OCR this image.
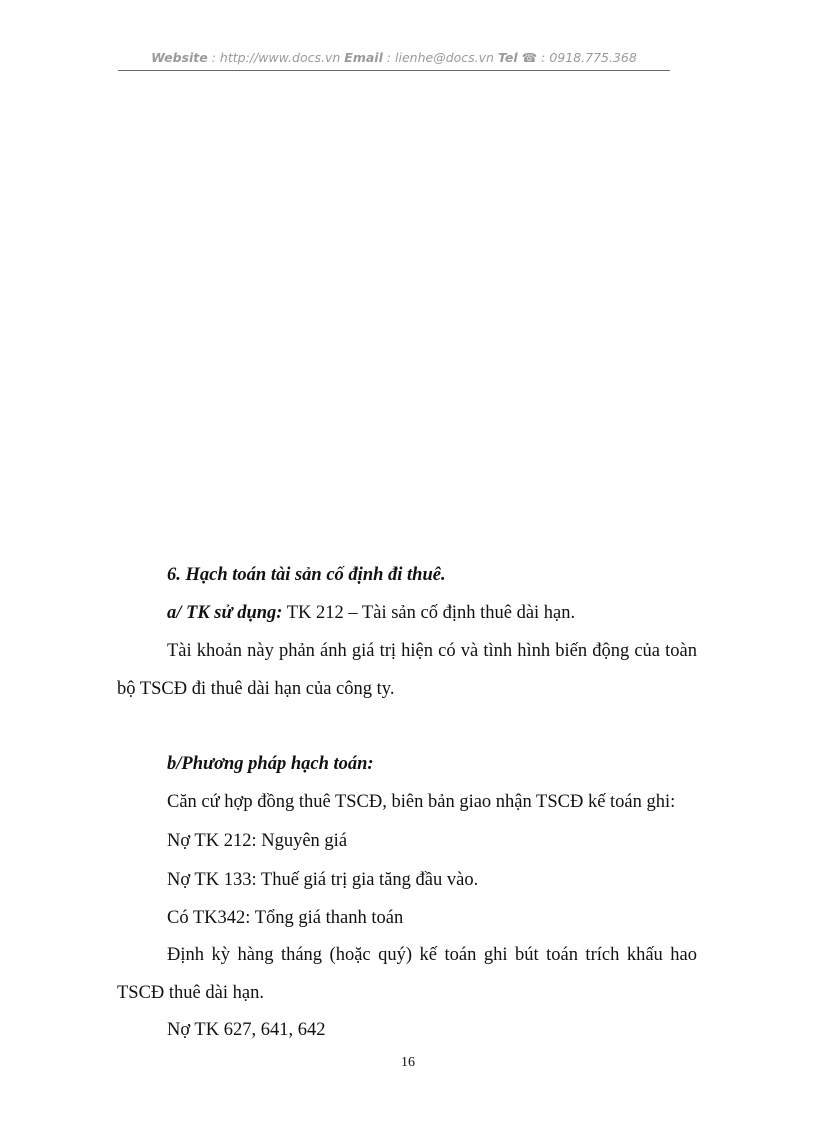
Website : http://www.docs.vn Email : lienhe@docs.vn Tel ☎ : 0918.775.368
6. Hạch toán tài sản cố định đi thuê.
a/ TK sử dụng: TK 212 – Tài sản cố định thuê dài hạn.
Tài khoản này phản ánh giá trị hiện có và tình hình biến động của toàn
bộ TSCĐ đi thuê dài hạn của công ty.
b/Phương pháp hạch toán:
Căn cứ hợp đồng thuê TSCĐ, biên bản giao nhận TSCĐ kế toán ghi:
Nợ TK 212: Nguyên giá
Nợ TK 133: Thuế giá trị gia tăng đầu vào.
Có TK342: Tổng giá thanh toán
Định kỳ hàng tháng (hoặc quý) kế toán ghi bút toán trích khấu hao
TSCĐ thuê dài hạn.
Nợ TK 627, 641, 642
16
